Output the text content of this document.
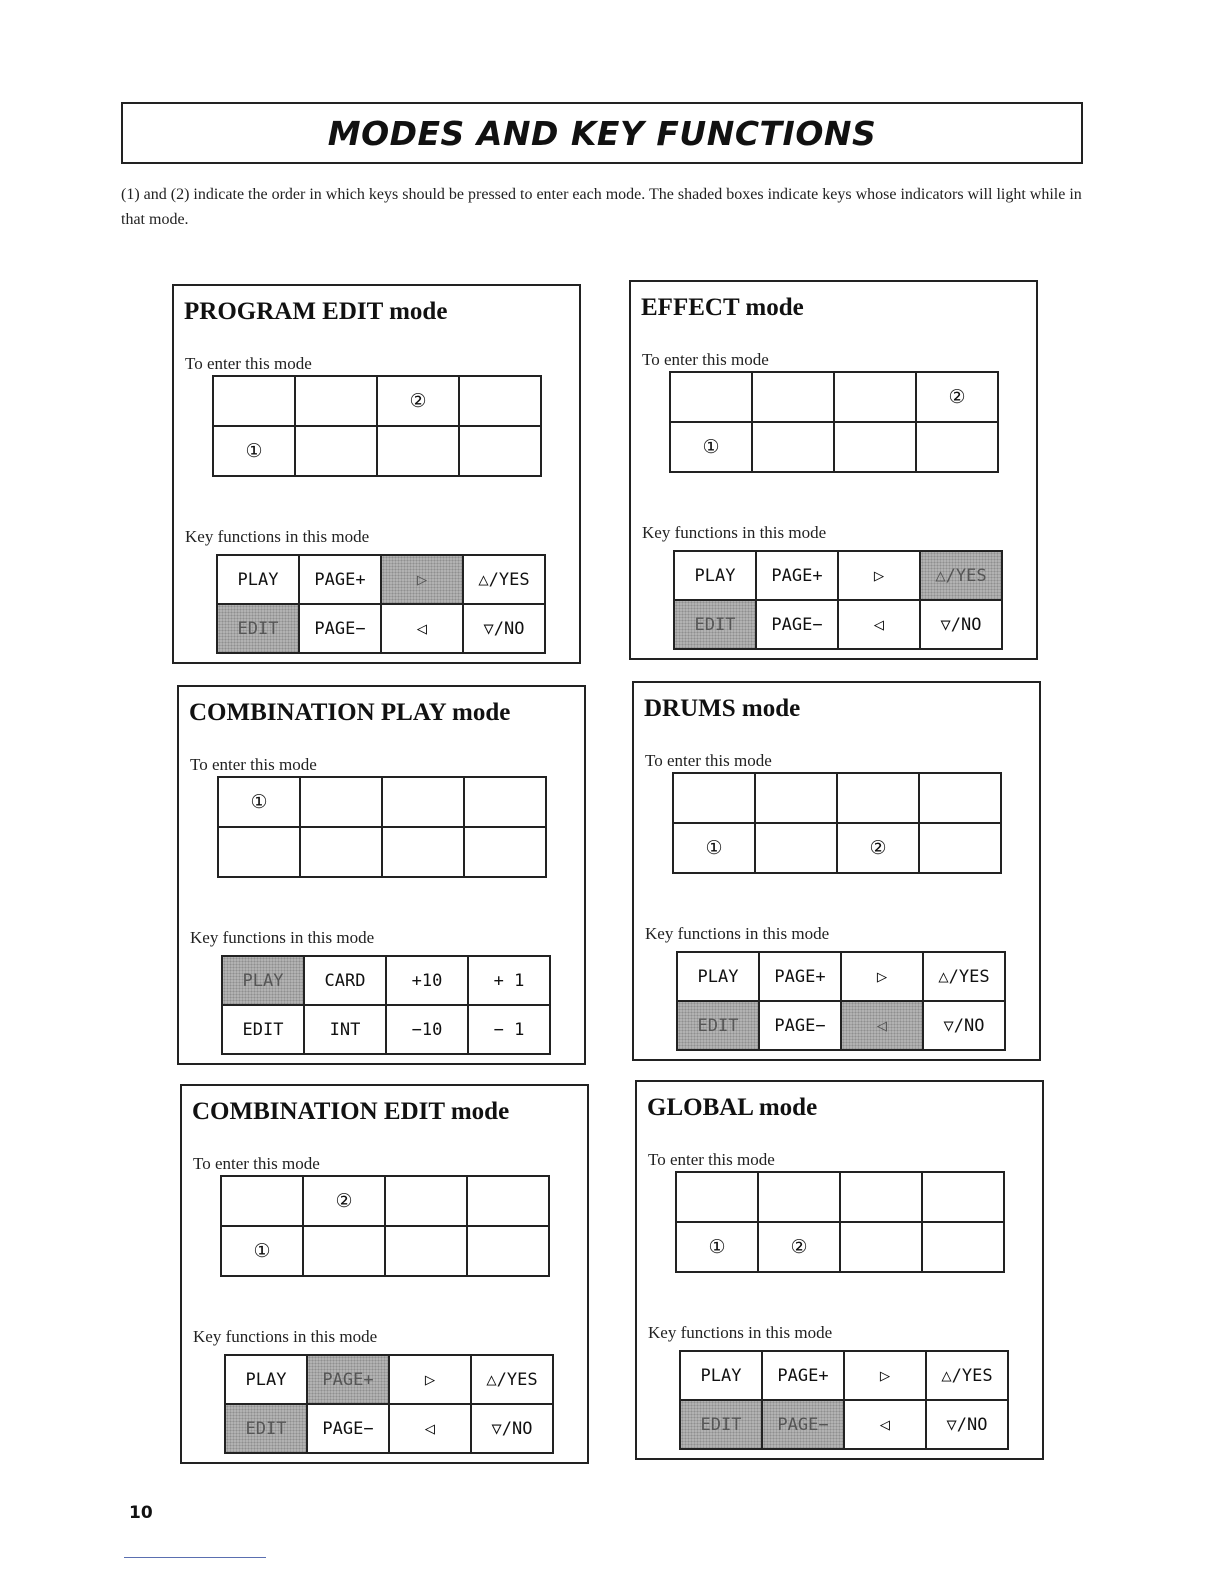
MODES AND KEY FUNCTIONS
(1) and (2) indicate the order in which keys should be pressed to enter each mode. The shaded boxes indicate keys whose indicators will light while in that mode.
PROGRAM EDIT mode
To enter this mode
		②	
①			
Key functions in this mode
PLAY	PAGE+	▷	△/YES
EDIT	PAGE−	◁	▽/NO
EFFECT mode
To enter this mode
			②
①			
Key functions in this mode
PLAY	PAGE+	▷	△/YES
EDIT	PAGE−	◁	▽/NO
COMBINATION PLAY mode
To enter this mode
①			

Key functions in this mode
PLAY	CARD	+10	+ 1
EDIT	INT	−10	− 1
DRUMS mode
To enter this mode

①		②	
Key functions in this mode
PLAY	PAGE+	▷	△/YES
EDIT	PAGE−	◁	▽/NO
COMBINATION EDIT mode
To enter this mode
	②		
①			
Key functions in this mode
PLAY	PAGE+	▷	△/YES
EDIT	PAGE−	◁	▽/NO
GLOBAL mode
To enter this mode

①	②		
Key functions in this mode
PLAY	PAGE+	▷	△/YES
EDIT	PAGE−	◁	▽/NO
10
